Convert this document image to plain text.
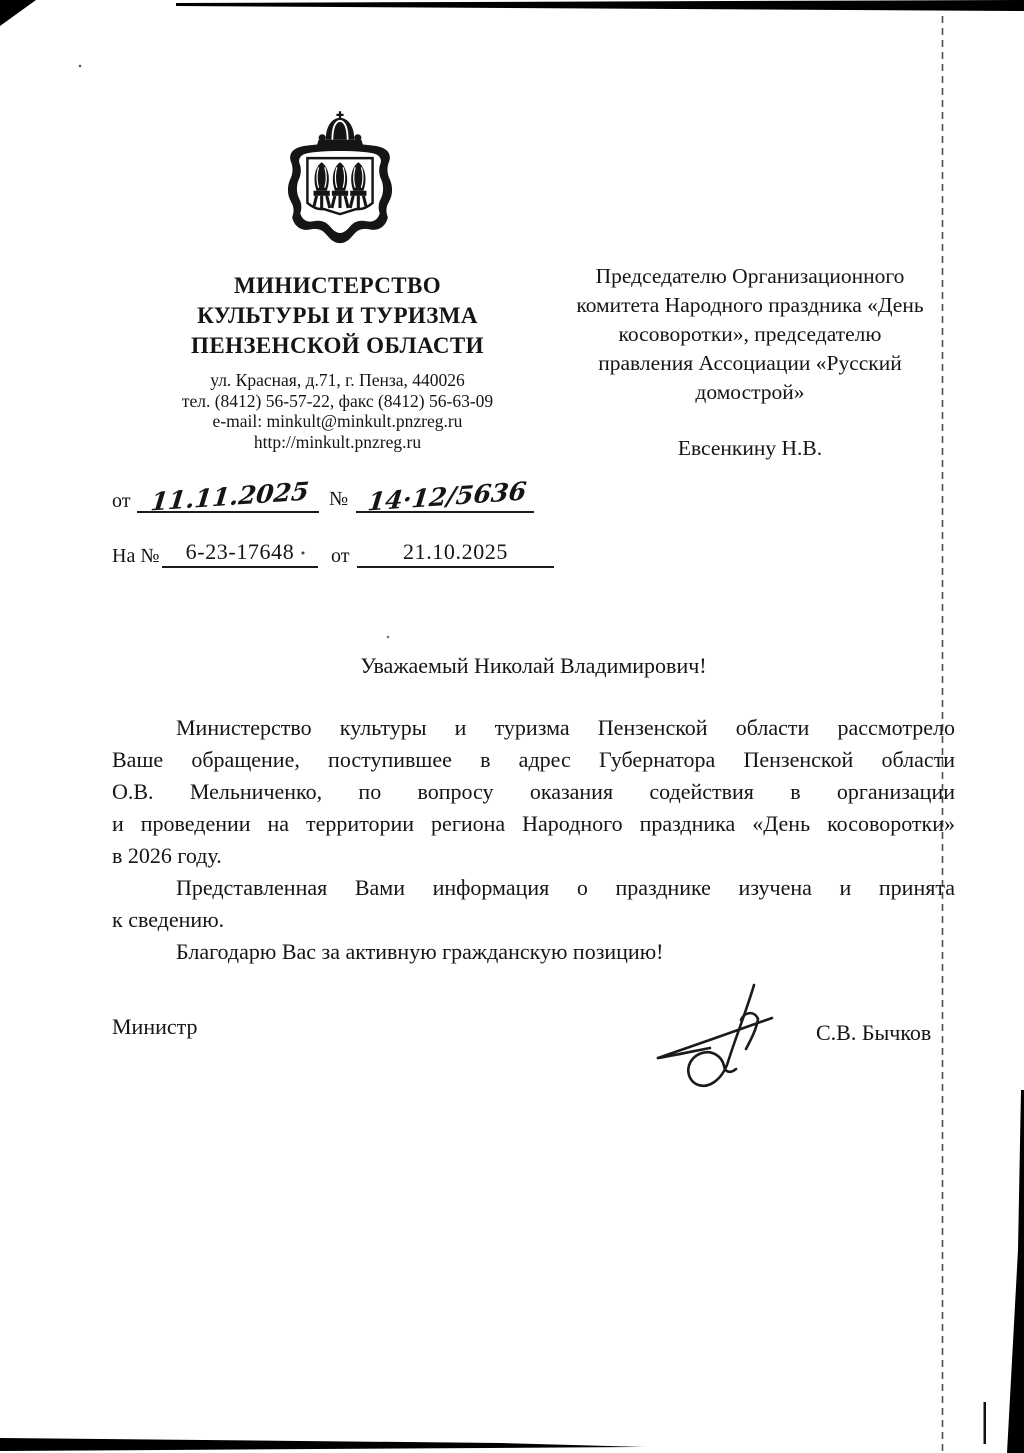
МИНИСТЕРСТВО
КУЛЬТУРЫ И ТУРИЗМА
ПЕНЗЕНСКОЙ ОБЛАСТИ
ул. Красная, д.71, г. Пенза, 440026
тел. (8412) 56-57-22, факс (8412) 56-63-09
e-mail: minkult@minkult.pnzreg.ru
http://minkult.pnzreg.ru
Председателю Организационного
комитета Народного праздника «День
косоворотки», председателю
правления Ассоциации «Русский
домострой»
Евсенкину Н.В.
от 11.11.2025 № 14·12/5636
На № 6-23-17648 от 21.10.2025
Уважаемый Николай Владимирович!
Министерство культуры и туризма Пензенской области рассмотрело
Ваше обращение, поступившее в адрес Губернатора Пензенской области
О.В. Мельниченко, по вопросу оказания содействия в организации
и проведении на территории региона Народного праздника «День косоворотки»
в 2026 году.
Представленная Вами информация о празднике изучена и принята
к сведению.
Благодарю Вас за активную гражданскую позицию!
Министр	С.В. Бычков
